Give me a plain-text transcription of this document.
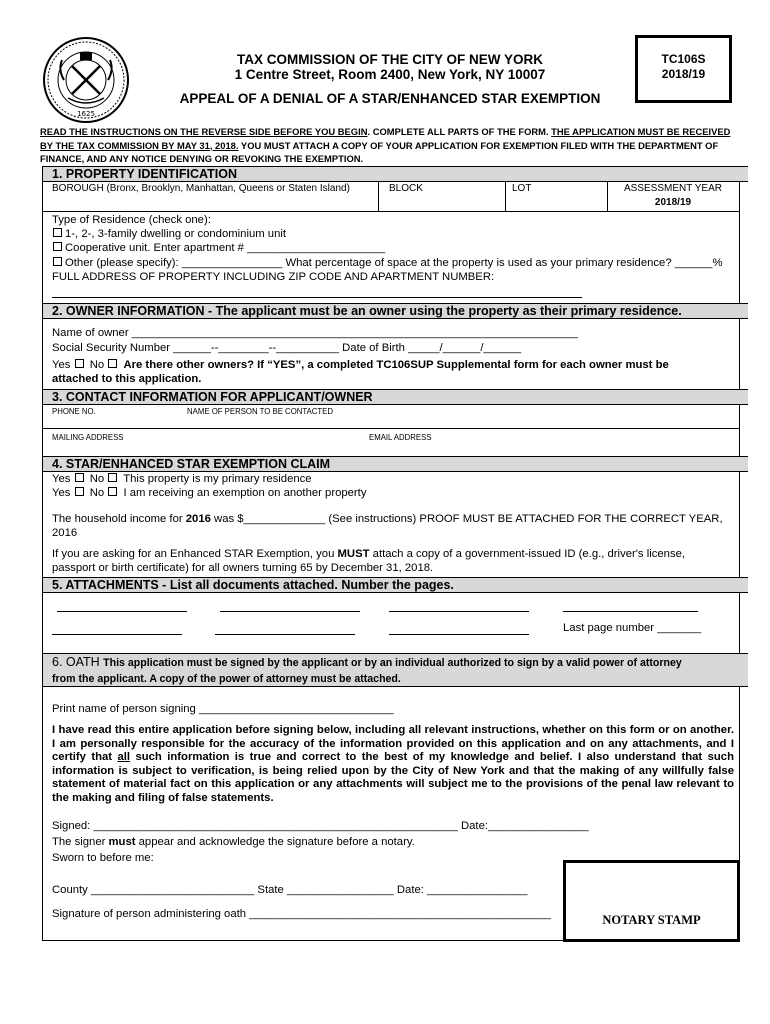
1625
TAX COMMISSION OF THE CITY OF NEW YORK
1 Centre Street, Room 2400, New York, NY 10007
APPEAL OF A DENIAL OF A STAR/ENHANCED STAR EXEMPTION
TC106S
2018/19
READ THE INSTRUCTIONS ON THE REVERSE SIDE BEFORE YOU BEGIN. COMPLETE ALL PARTS OF THE FORM. THE APPLICATION MUST BE RECEIVED BY THE TAX COMMISSION BY MAY 31, 2018. YOU MUST ATTACH A COPY OF YOUR APPLICATION FOR EXEMPTION FILED WITH THE DEPARTMENT OF FINANCE, AND ANY NOTICE DENYING OR REVOKING THE EXEMPTION.
1. PROPERTY IDENTIFICATION
BOROUGH (Bronx, Brooklyn, Manhattan, Queens or Staten Island)	BLOCK	LOT	ASSESSMENT YEAR
2018/19
Type of Residence (check one):
1-, 2-, 3-family dwelling or condominium unit
Cooperative unit. Enter apartment # ______________________
Other (please specify): ________________ What percentage of space at the property is used as your primary residence? ______%
FULL ADDRESS OF PROPERTY INCLUDING ZIP CODE AND APARTMENT NUMBER:
2. OWNER INFORMATION - The applicant must be an owner using the property as their primary residence.
Name of owner _______________________________________________________________________
Social Security Number ______--________--__________ Date of Birth _____/______/______
Yes No Are there other owners? If “YES”, a completed TC106SUP Supplemental form for each owner must be
attached to this application.
3. CONTACT INFORMATION FOR APPLICANT/OWNER
PHONE NO.	NAME OF PERSON TO BE CONTACTED
MAILING ADDRESS	EMAIL ADDRESS
4. STAR/ENHANCED STAR EXEMPTION CLAIM
Yes No This property is my primary residence
Yes No I am receiving an exemption on another property
The household income for 2016 was $_____________ (See instructions) PROOF MUST BE ATTACHED FOR THE CORRECT YEAR,
2016
If you are asking for an Enhanced STAR Exemption, you MUST attach a copy of a government-issued ID (e.g., driver's license,
passport or birth certificate) for all owners turning 65 by December 31, 2018.
5. ATTACHMENTS - List all documents attached. Number the pages.
Last page number _______
6. OATH This application must be signed by the applicant or by an individual authorized to sign by a valid power of attorney
from the applicant. A copy of the power of attorney must be attached.
Print name of person signing _______________________________
I have read this entire application before signing below, including all relevant instructions, whether on this form or on another. I am personally responsible for the accuracy of the information provided on this application and on any attachments, and I certify that all such information is true and correct to the best of my knowledge and belief. I also understand that such information is subject to verification, is being relied upon by the City of New York and that the making of any willfully false statement of material fact on this application or any attachments will subject me to the provisions of the penal law relevant to the making and filing of false statements.
Signed: __________________________________________________________ Date:________________
The signer must appear and acknowledge the signature before a notary.
Sworn to before me:
County __________________________ State _________________ Date: ________________
Signature of person administering oath ________________________________________________	NOTARY STAMP
